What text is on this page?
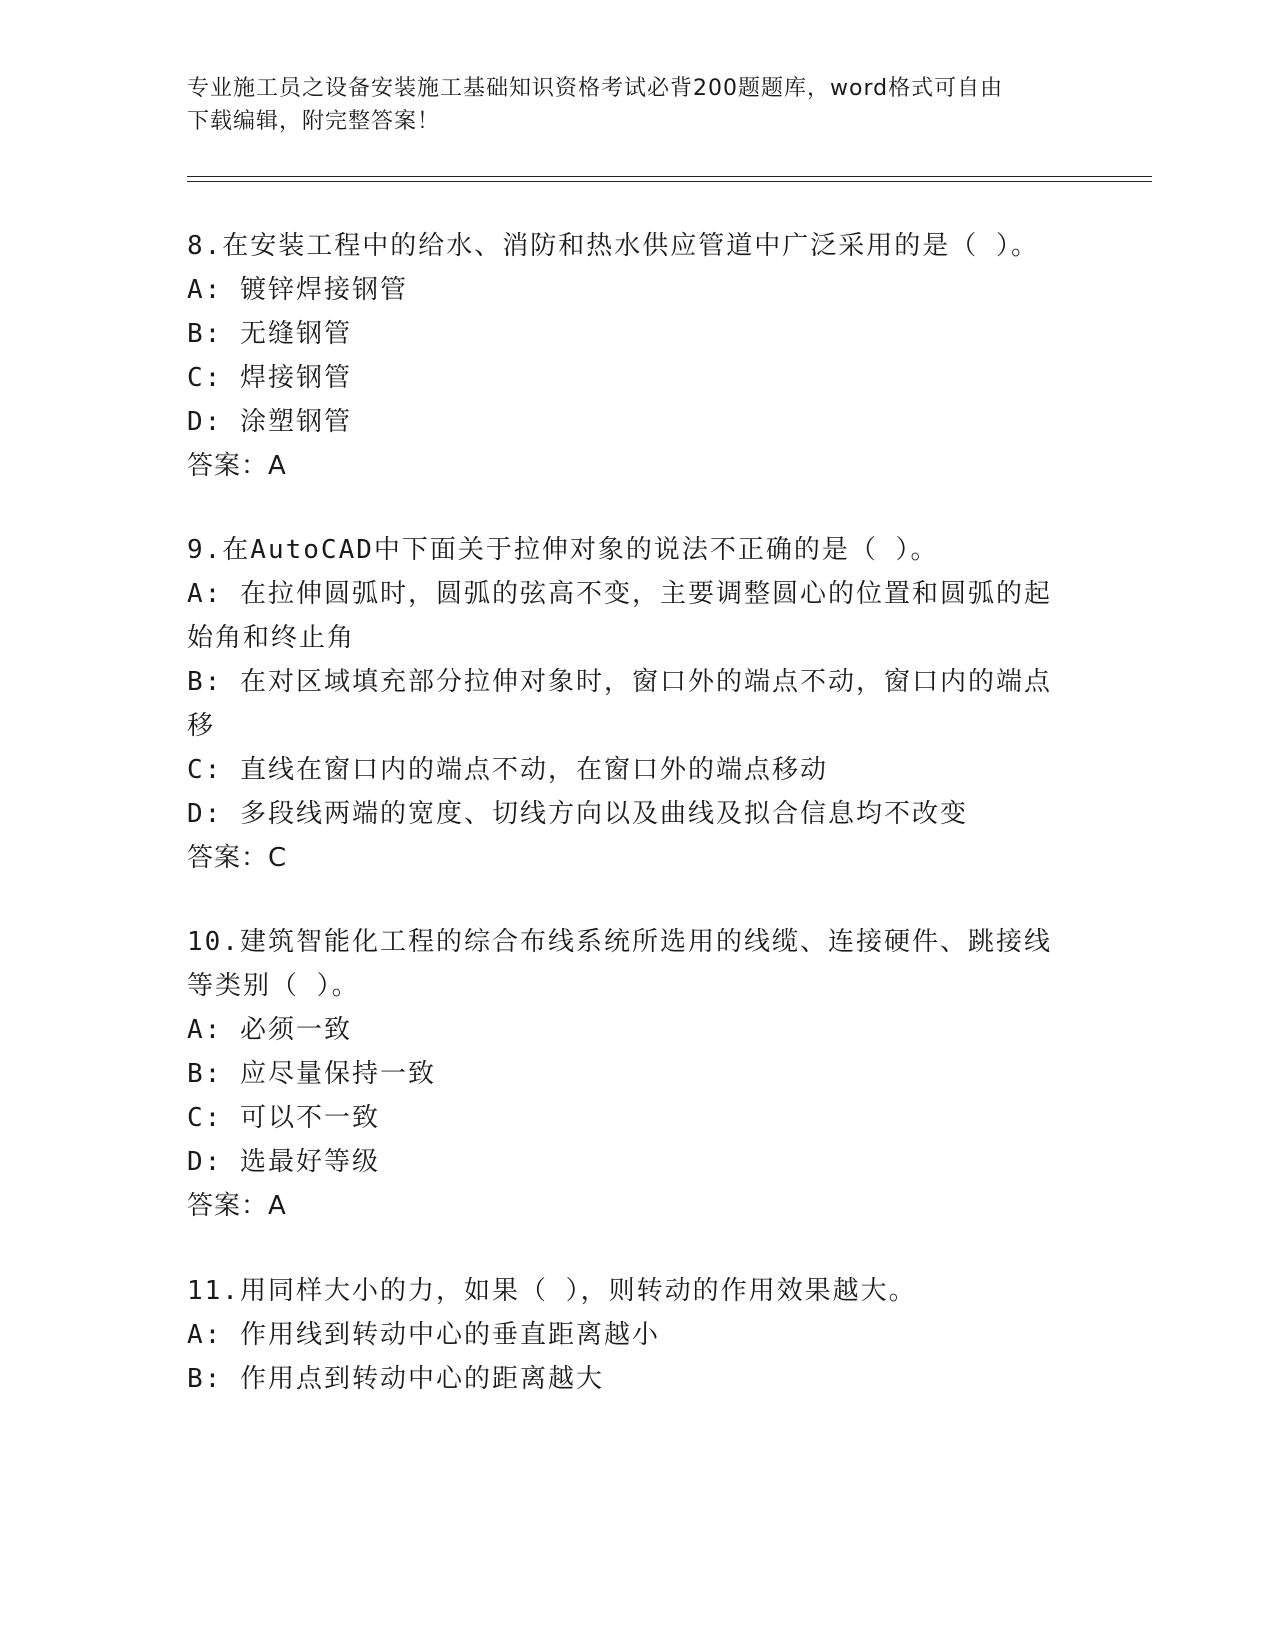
专业施工员之设备安装施工基础知识资格考试必背200题题库，word格式可自由
下载编辑，附完整答案！

8.在安装工程中的给水、消防和热水供应管道中广泛采用的是（ ）。

A: 镀锌焊接钢管

B: 无缝钢管

C: 焊接钢管

D: 涂塑钢管

答案：A

9.在AutoCAD中下面关于拉伸对象的说法不正确的是（ ）。

A: 在拉伸圆弧时，圆弧的弦高不变，主要调整圆心的位置和圆弧的起始角和终止角

B: 在对区域填充部分拉伸对象时，窗口外的端点不动，窗口内的端点移

C: 直线在窗口内的端点不动，在窗口外的端点移动

D: 多段线两端的宽度、切线方向以及曲线及拟合信息均不改变

答案：C

10.建筑智能化工程的综合布线系统所选用的线缆、连接硬件、跳接线等类别（ ）。

A: 必须一致

B: 应尽量保持一致

C: 可以不一致

D: 选最好等级

答案：A

11.用同样大小的力，如果（ ），则转动的作用效果越大。

A: 作用线到转动中心的垂直距离越小

B: 作用点到转动中心的距离越大
